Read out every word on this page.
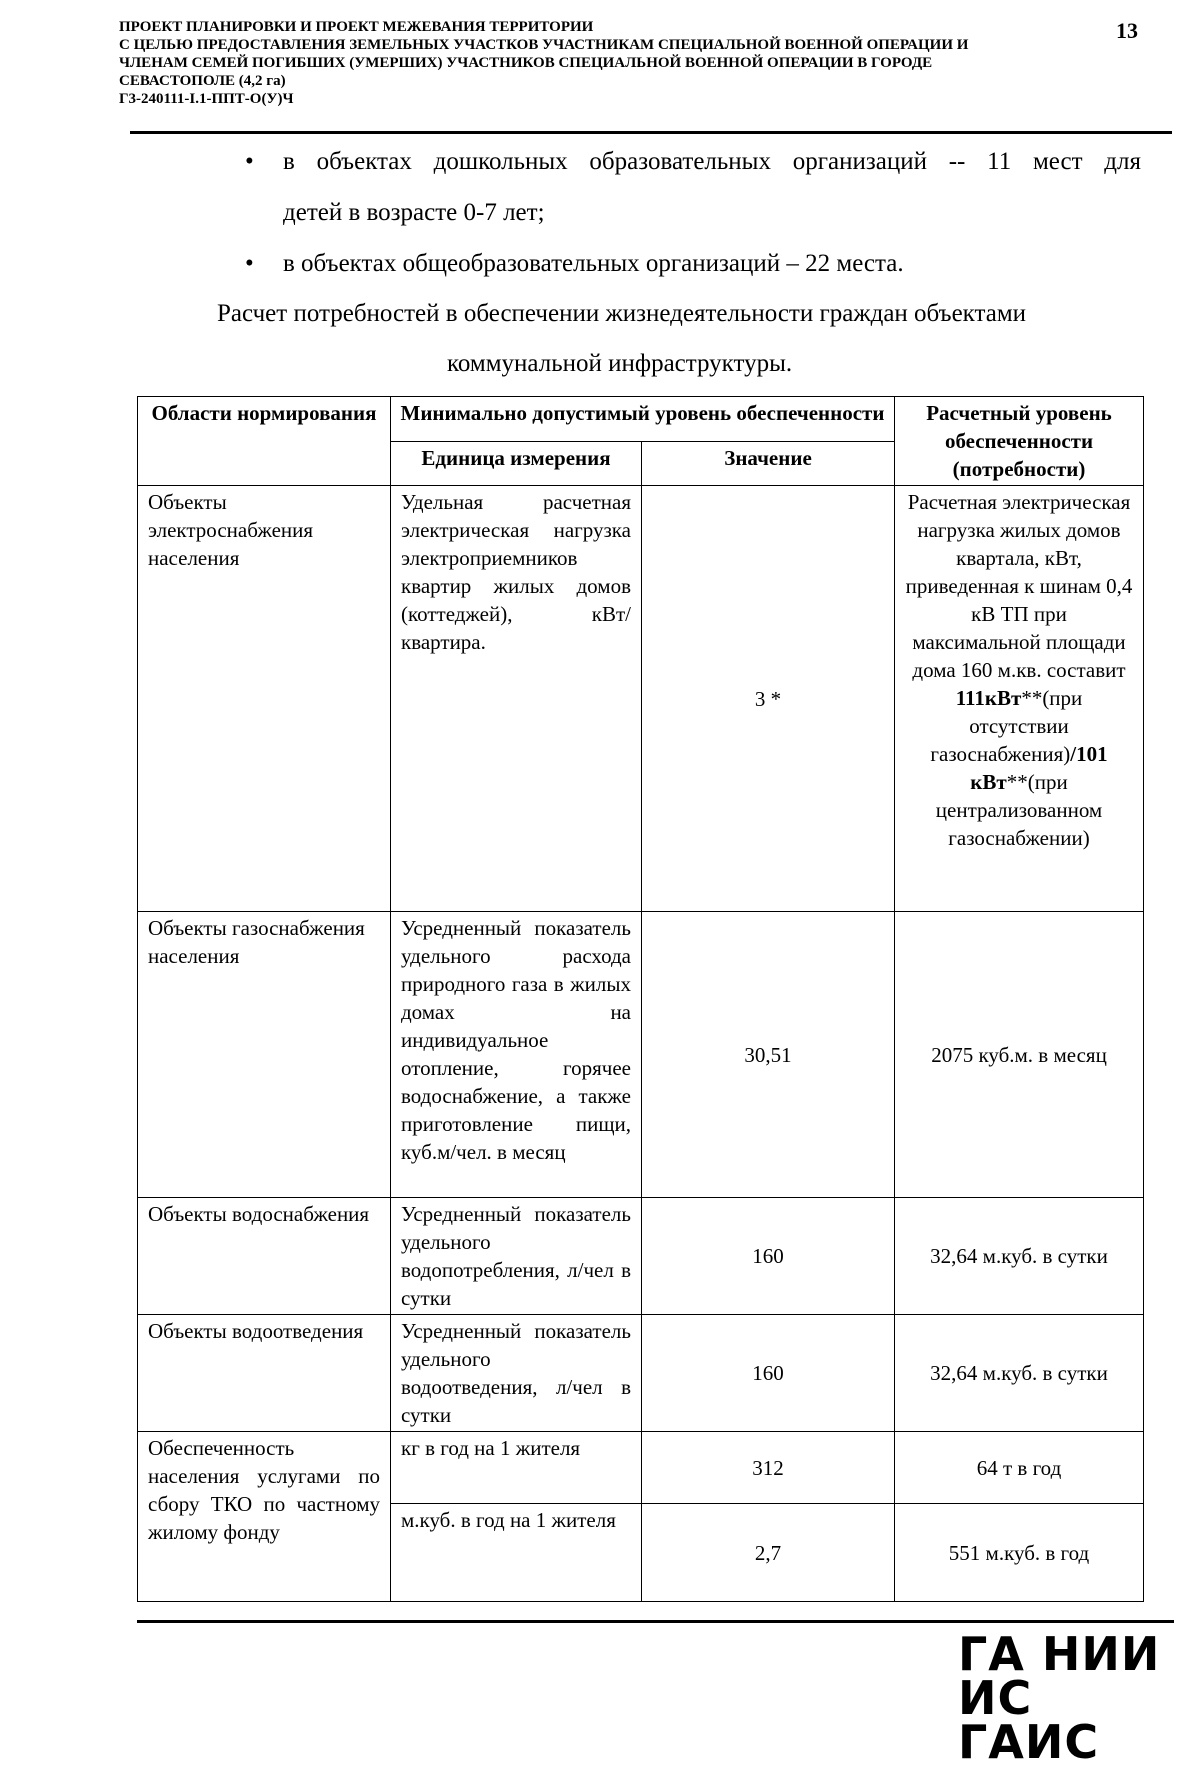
ПРОЕКТ ПЛАНИРОВКИ И ПРОЕКТ МЕЖЕВАНИЯ ТЕРРИТОРИИ
С ЦЕЛЬЮ ПРЕДОСТАВЛЕНИЯ ЗЕМЕЛЬНЫХ УЧАСТКОВ УЧАСТНИКАМ СПЕЦИАЛЬНОЙ ВОЕННОЙ ОПЕРАЦИИ И
ЧЛЕНАМ СЕМЕЙ ПОГИБШИХ (УМЕРШИХ) УЧАСТНИКОВ СПЕЦИАЛЬНОЙ ВОЕННОЙ ОПЕРАЦИИ В ГОРОДЕ
СЕВАСТОПОЛЕ (4,2 га)
Г3-240111-I.1-ППТ-О(У)Ч
13
• в объектах дошкольных образовательных организаций -- 11 мест для
детей в возрасте 0-7 лет;
• в объектах общеобразовательных организаций – 22 места.
Расчет потребностей в обеспечении жизнедеятельности граждан объектами
коммунальной инфраструктуры.
Области нормирования	Минимально допустимый уровень обеспеченности		Расчетный уровень обеспеченности (потребности)
	Единица измерения	Значение	
Объекты электроснабжения населения	Удельная расчетная электрическая нагрузка электроприемников квартир жилых домов (коттеджей), кВт/квартира.	3 *	Расчетная электрическая нагрузка жилых домов квартала, кВт, приведенная к шинам 0,4 кВ ТП при максимальной площади дома 160 м.кв. составит 111кВт**(при отсутствии газоснабжения)/101 кВт**(при централизованном газоснабжении)
Объекты газоснабжения населения	Усредненный показатель удельного расхода природного газа в жилых домах на индивидуальное отопление, горячее водоснабжение, а также приготовление пищи, куб.м/чел. в месяц	30,51	2075 куб.м. в месяц
Объекты водоснабжения	Усредненный показатель удельного водопотребления, л/чел в сутки	160	32,64 м.куб. в сутки
Объекты водоотведения	Усредненный показатель удельного водоотведения, л/чел в сутки	160	32,64 м.куб. в сутки
Обеспеченность населения услугами по сбору ТКО по частному жилому фонду	кг в год на 1 жителя	312	64 т в год
	м.куб. в год на 1 жителя	2,7	551 м.куб. в год
ГА НИИ
ИС ГАИС
